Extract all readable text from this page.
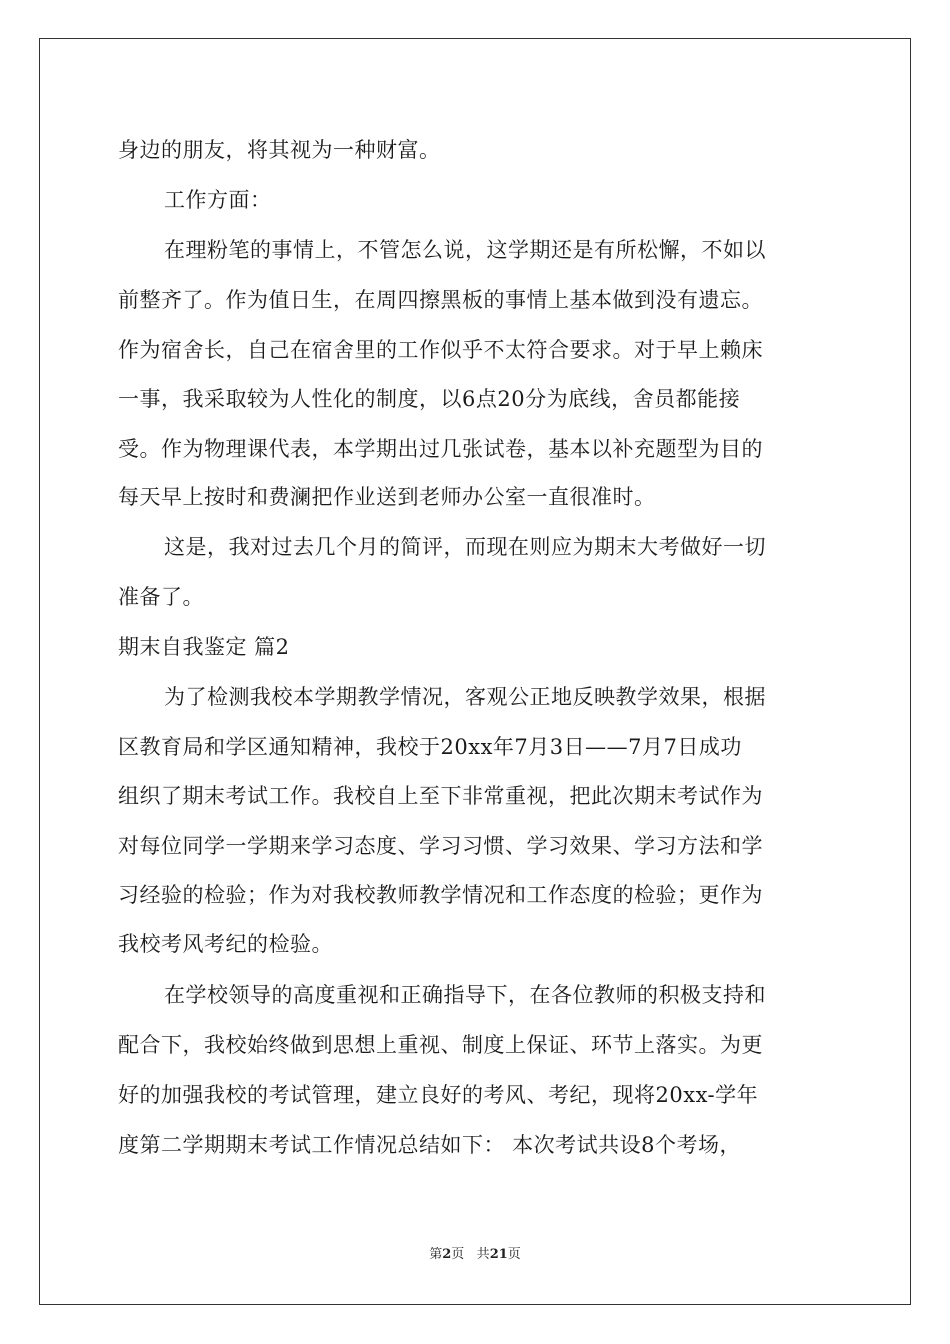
身边的朋友，将其视为一种财富。
工作方面：
在理粉笔的事情上，不管怎么说，这学期还是有所松懈，不如以
前整齐了。作为值日生，在周四擦黑板的事情上基本做到没有遗忘。
作为宿舍长，自己在宿舍里的工作似乎不太符合要求。对于早上赖床
一事，我采取较为人性化的制度，以6点20分为底线，舍员都能接
受。作为物理课代表，本学期出过几张试卷，基本以补充题型为目的
每天早上按时和费澜把作业送到老师办公室一直很准时。
这是，我对过去几个月的简评，而现在则应为期末大考做好一切
准备了。
期末自我鉴定 篇2
为了检测我校本学期教学情况，客观公正地反映教学效果，根据
区教育局和学区通知精神，我校于20xx年7月3日——7月7日成功
组织了期末考试工作。我校自上至下非常重视，把此次期末考试作为
对每位同学一学期来学习态度、学习习惯、学习效果、学习方法和学
习经验的检验；作为对我校教师教学情况和工作态度的检验；更作为
我校考风考纪的检验。
在学校领导的高度重视和正确指导下，在各位教师的积极支持和
配合下，我校始终做到思想上重视、制度上保证、环节上落实。为更
好的加强我校的考试管理，建立良好的考风、考纪，现将20xx-学年
度第二学期期末考试工作情况总结如下： 本次考试共设8个考场，
第2页 共21页
